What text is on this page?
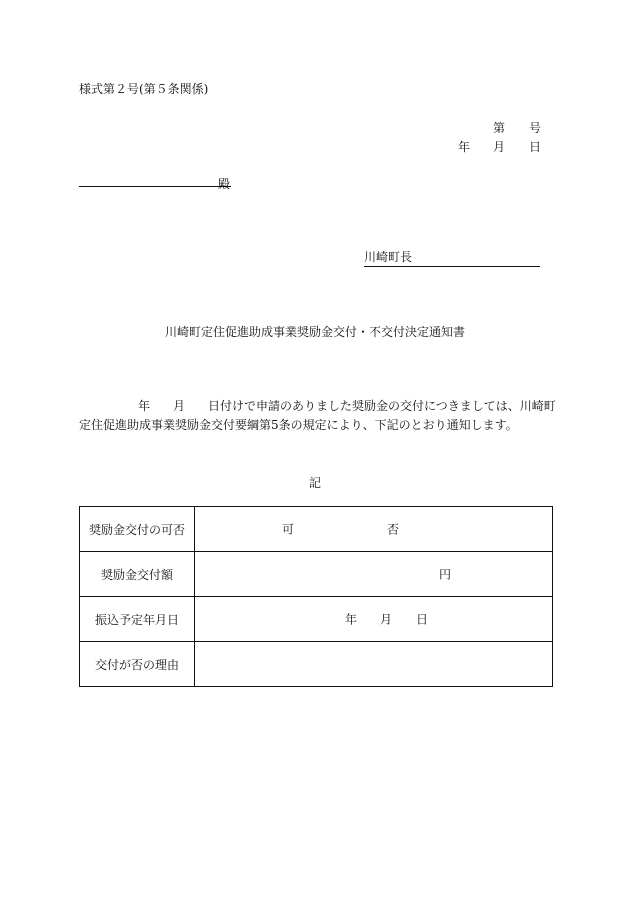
様式第２号(第５条関係)
第 号
年 月 日
殿
川崎町長
川崎町定住促進助成事業奨励金交付・不交付決定通知書
年 月 日付けで申請のありました奨励金の交付につきましては、川崎町
定住促進助成事業奨励金交付要綱第5条の規定により、下記のとおり通知します。
記
奨励金交付の可否	可 否

奨励金交付額	円

振込予定年月日	年 月 日

交付が否の理由	
